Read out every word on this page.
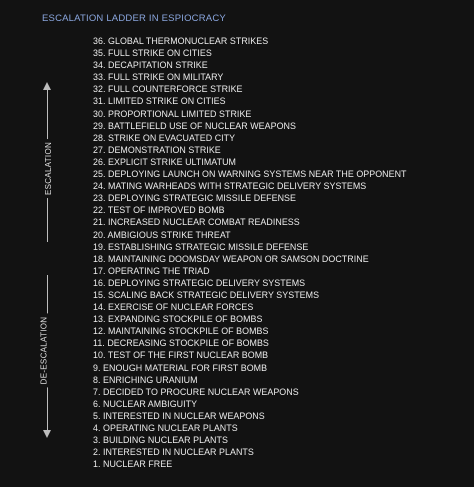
ESCALATION LADDER IN ESPIOCRACY
ESCALATION
DE-ESCALATION
36. GLOBAL THERMONUCLEAR STRIKES
35. FULL STRIKE ON CITIES
34. DECAPITATION STRIKE
33. FULL STRIKE ON MILITARY
32. FULL COUNTERFORCE STRIKE
31. LIMITED STRIKE ON CITIES
30. PROPORTIONAL LIMITED STRIKE
29. BATTLEFIELD USE OF NUCLEAR WEAPONS
28. STRIKE ON EVACUATED CITY
27. DEMONSTRATION STRIKE
26. EXPLICIT STRIKE ULTIMATUM
25. DEPLOYING LAUNCH ON WARNING SYSTEMS NEAR THE OPPONENT
24. MATING WARHEADS WITH STRATEGIC DELIVERY SYSTEMS
23. DEPLOYING STRATEGIC MISSILE DEFENSE
22. TEST OF IMPROVED BOMB
21. INCREASED NUCLEAR COMBAT READINESS
20. AMBIGIOUS STRIKE THREAT
19. ESTABLISHING STRATEGIC MISSILE DEFENSE
18. MAINTAINING DOOMSDAY WEAPON OR SAMSON DOCTRINE
17. OPERATING THE TRIAD
16. DEPLOYING STRATEGIC DELIVERY SYSTEMS
15. SCALING BACK STRATEGIC DELIVERY SYSTEMS
14. EXERCISE OF NUCLEAR FORCES
13. EXPANDING STOCKPILE OF BOMBS
12. MAINTAINING STOCKPILE OF BOMBS
11. DECREASING STOCKPILE OF BOMBS
10. TEST OF THE FIRST NUCLEAR BOMB
9. ENOUGH MATERIAL FOR FIRST BOMB
8. ENRICHING URANIUM
7. DECIDED TO PROCURE NUCLEAR WEAPONS
6. NUCLEAR AMBIGUITY
5. INTERESTED IN NUCLEAR WEAPONS
4. OPERATING NUCLEAR PLANTS
3. BUILDING NUCLEAR PLANTS
2. INTERESTED IN NUCLEAR PLANTS
1. NUCLEAR FREE
